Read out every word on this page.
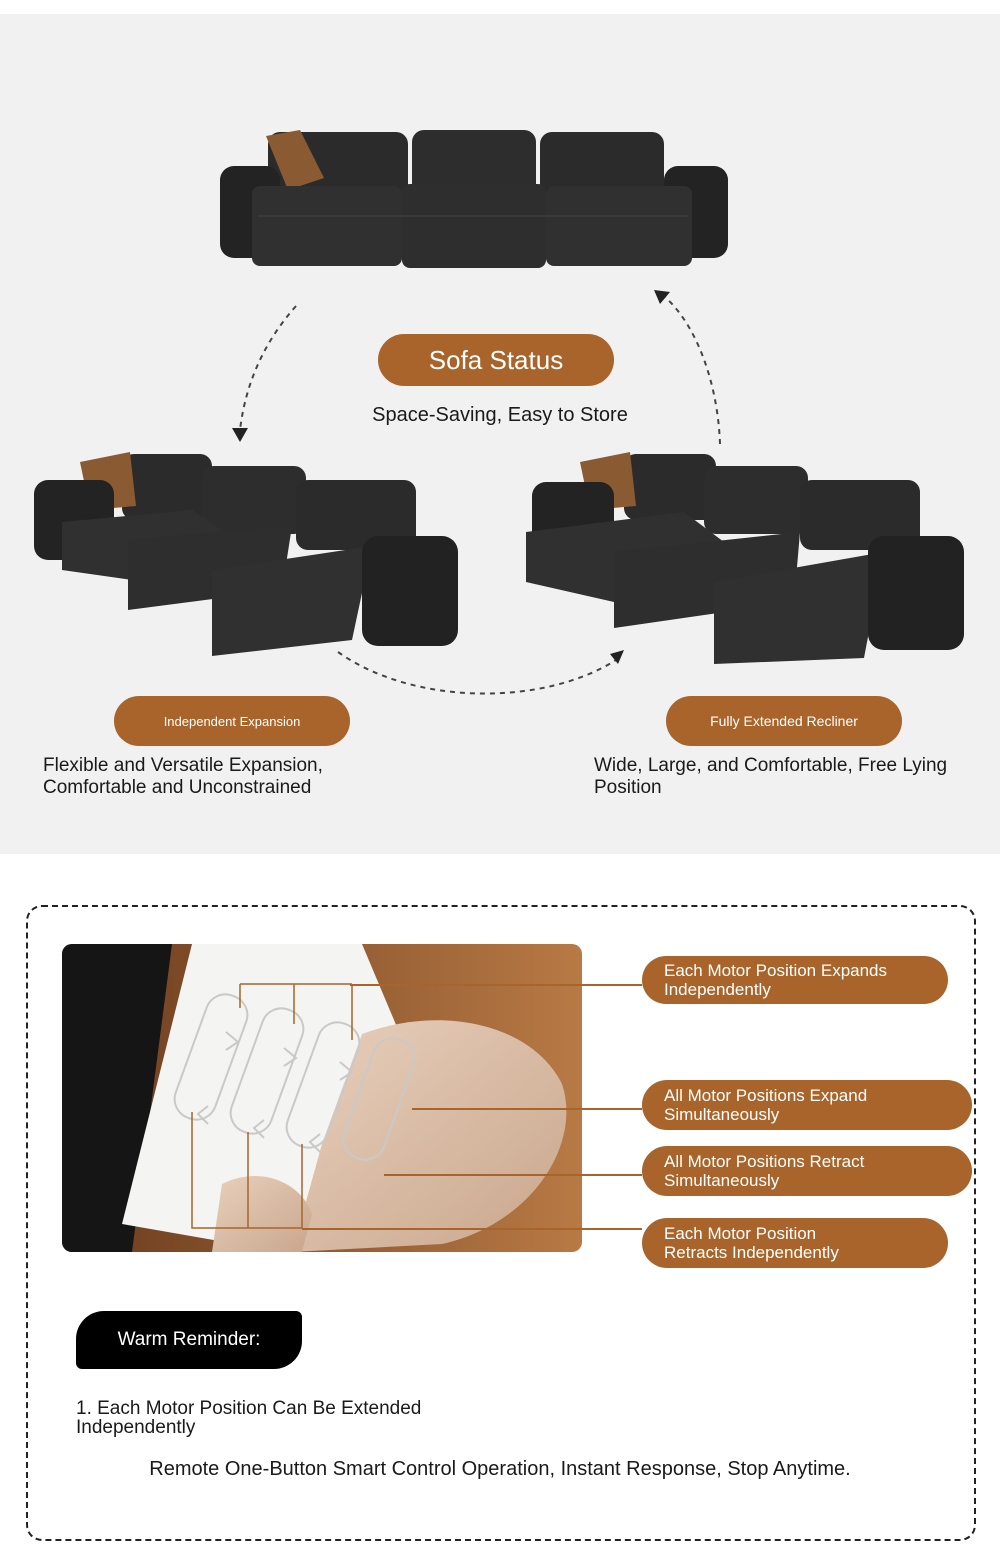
Sofa Status
Space-Saving, Easy to Store
Independent Expansion
Flexible and Versatile Expansion,
Comfortable and Unconstrained
Fully Extended Recliner
Wide, Large, and Comfortable, Free Lying
Position
Each Motor Position Expands
Independently
All Motor Positions Expand
Simultaneously
All Motor Positions Retract
Simultaneously
Each Motor Position
Retracts Independently
Warm Reminder:
1. Each Motor Position Can Be Extended
Independently
Remote One-Button Smart Control Operation, Instant Response, Stop Anytime.
